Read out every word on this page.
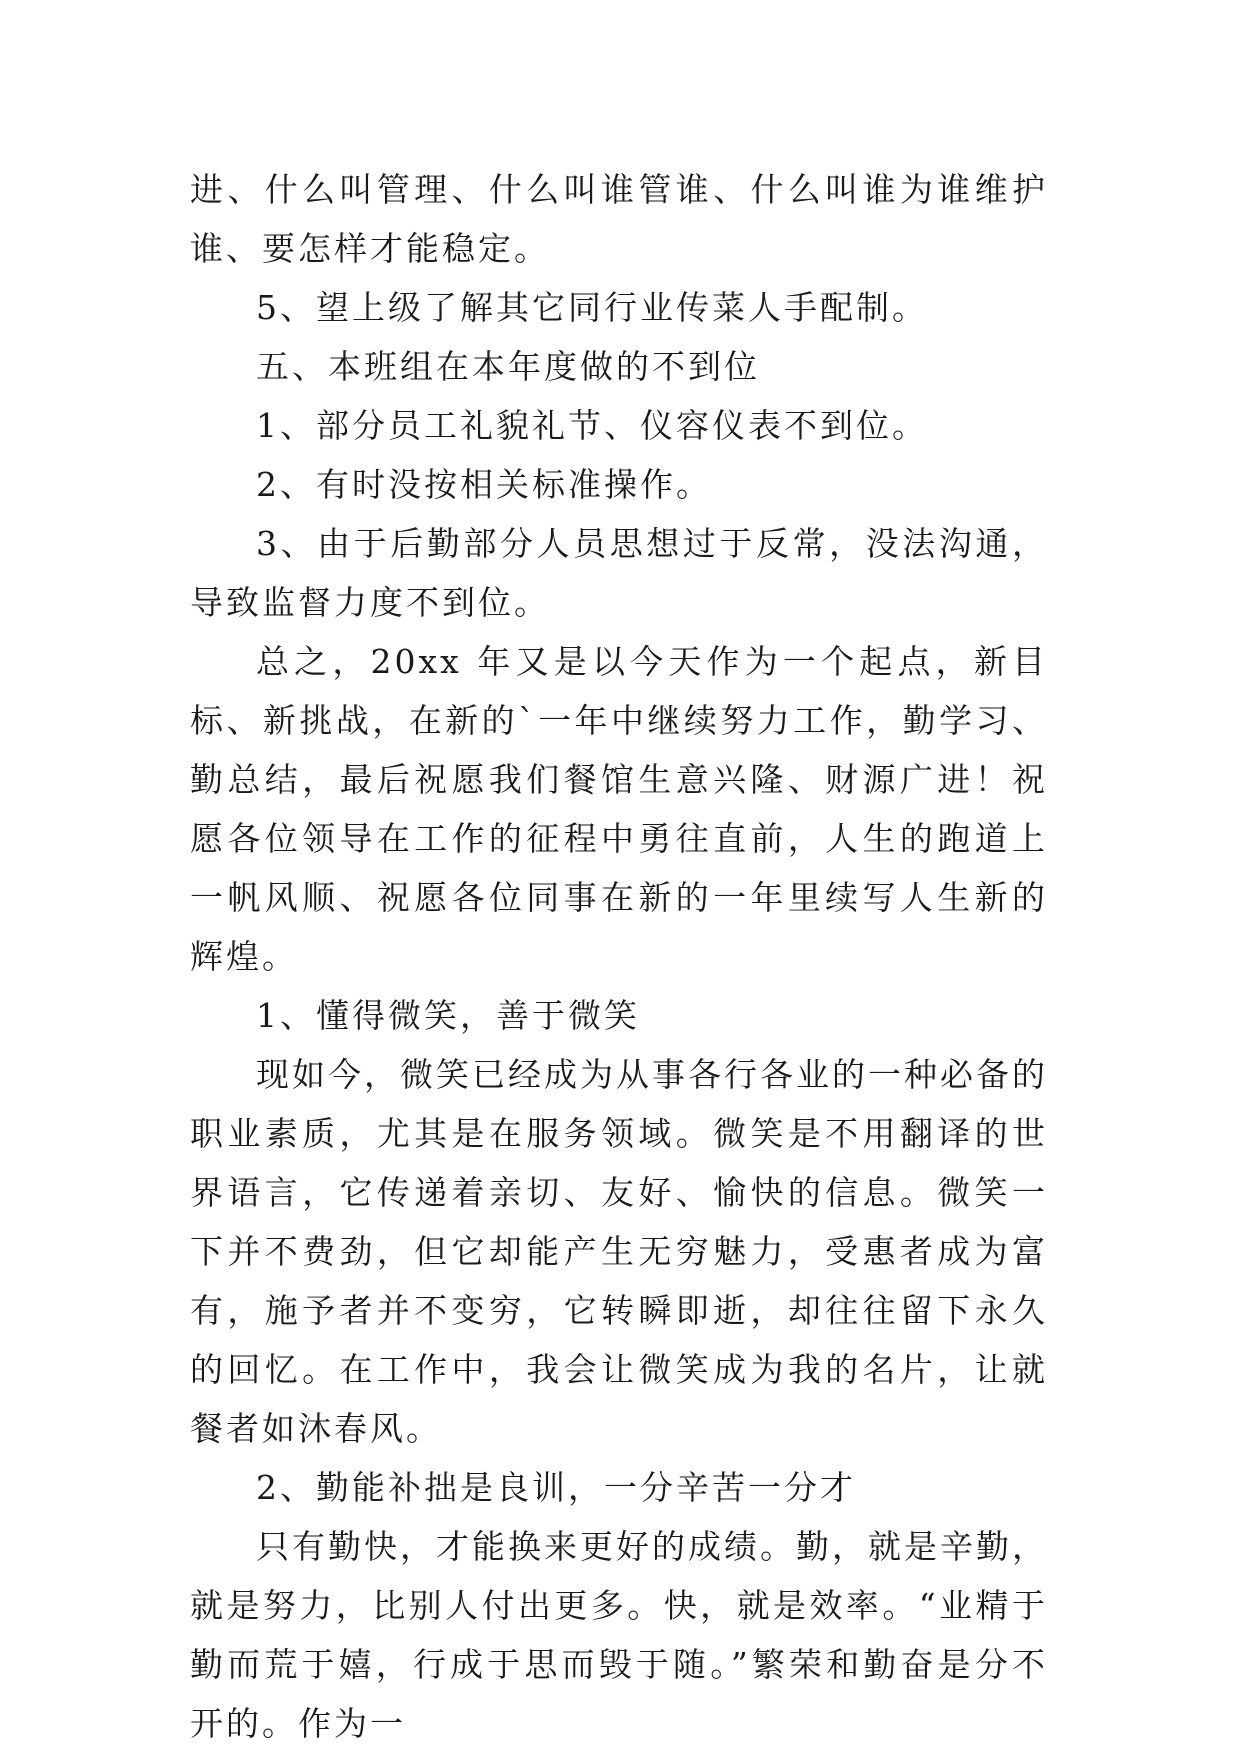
进、什么叫管理、什么叫谁管谁、什么叫谁为谁维护谁、要怎样才能稳定。

5、望上级了解其它同行业传菜人手配制。

五、本班组在本年度做的不到位

1、部分员工礼貌礼节、仪容仪表不到位。

2、有时没按相关标准操作。

3、由于后勤部分人员思想过于反常，没法沟通，导致监督力度不到位。

总之，20xx 年又是以今天作为一个起点，新目标、新挑战，在新的`一年中继续努力工作，勤学习、勤总结，最后祝愿我们餐馆生意兴隆、财源广进！祝愿各位领导在工作的征程中勇往直前，人生的跑道上一帆风顺、祝愿各位同事在新的一年里续写人生新的辉煌。

1、懂得微笑，善于微笑

现如今，微笑已经成为从事各行各业的一种必备的职业素质，尤其是在服务领域。微笑是不用翻译的世界语言，它传递着亲切、友好、愉快的信息。微笑一下并不费劲，但它却能产生无穷魅力，受惠者成为富有，施予者并不变穷，它转瞬即逝，却往往留下永久的回忆。在工作中，我会让微笑成为我的名片，让就餐者如沐春风。

2、勤能补拙是良训，一分辛苦一分才

只有勤快，才能换来更好的成绩。勤，就是辛勤，就是努力，比别人付出更多。快，就是效率。“业精于勤而荒于嬉，行成于思而毁于随。”繁荣和勤奋是分不开的。作为一
